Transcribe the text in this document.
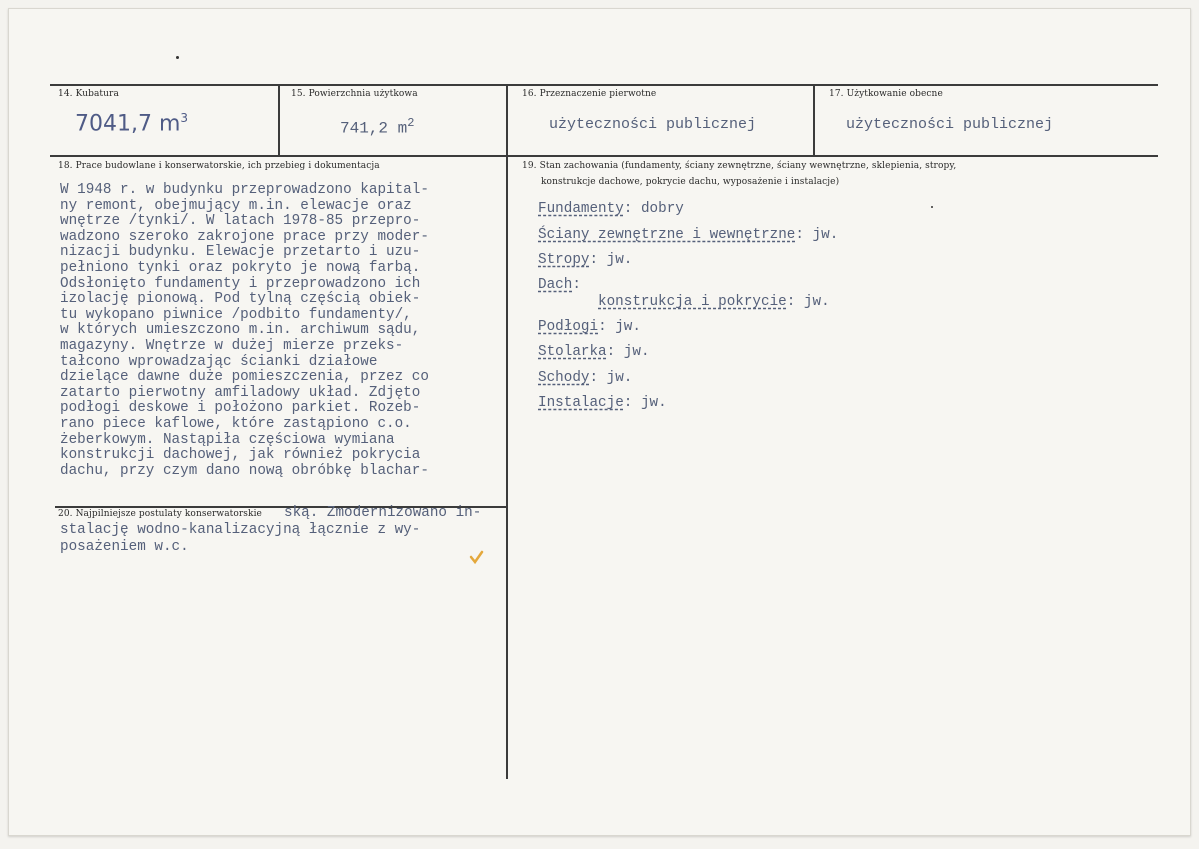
14. Kubatura
7041,7 $m^3$
15. Powierzchnia użytkowa
741,2 $m^2$
16. Przeznaczenie pierwotne
użyteczności publicznej
17. Użytkowanie obecne
użyteczności publicznej
18. Prace budowlane i konserwatorskie, ich przebieg i dokumentacja
W 1948 r. w budynku przeprowadzono kapital-
ny remont, obejmujący m.in. elewacje oraz
wnętrze /tynki/. W latach 1978-85 przepro-
wadzono szeroko zakrojone prace przy moder-
nizacji budynku. Elewacje przetarto i uzu-
pełniono tynki oraz pokryto je nową farbą.
Odsłonięto fundamenty i przeprowadzono ich
izolację pionową. Pod tylną częścią obiek-
tu wykopano piwnice /podbito fundamenty/,
w których umieszczono m.in. archiwum sądu,
magazyny. Wnętrze w dużej mierze przeks-
tałcono wprowadzając ścianki działowe
dzielące dawne duże pomieszczenia, przez co
zatarto pierwotny amfiladowy układ. Zdjęto
podłogi deskowe i położono parkiet. Rozeb-
rano piece kaflowe, które zastąpiono c.o.
żeberkowym. Nastąpiła częściowa wymiana
konstrukcji dachowej, jak również pokrycia
dachu, przy czym dano nową obróbkę blachar-
20. Najpilniejsze postulaty konserwatorskie ską. Zmodernizowano in-
stalację wodno-kanalizacyjną łącznie z wy-
posażeniem w.c.
19. Stan zachowania (fundamenty, ściany zewnętrzne, ściany wewnętrzne, sklepienia, stropy,
konstrukcje dachowe, pokrycie dachu, wyposażenie i instalacje)
Fundamenty: dobry
Ściany zewnętrzne i wewnętrzne: jw.
Stropy: jw.
Dach:
konstrukcja i pokrycie: jw.
Podłogi: jw.
Stolarka: jw.
Schody: jw.
Instalacje: jw.
